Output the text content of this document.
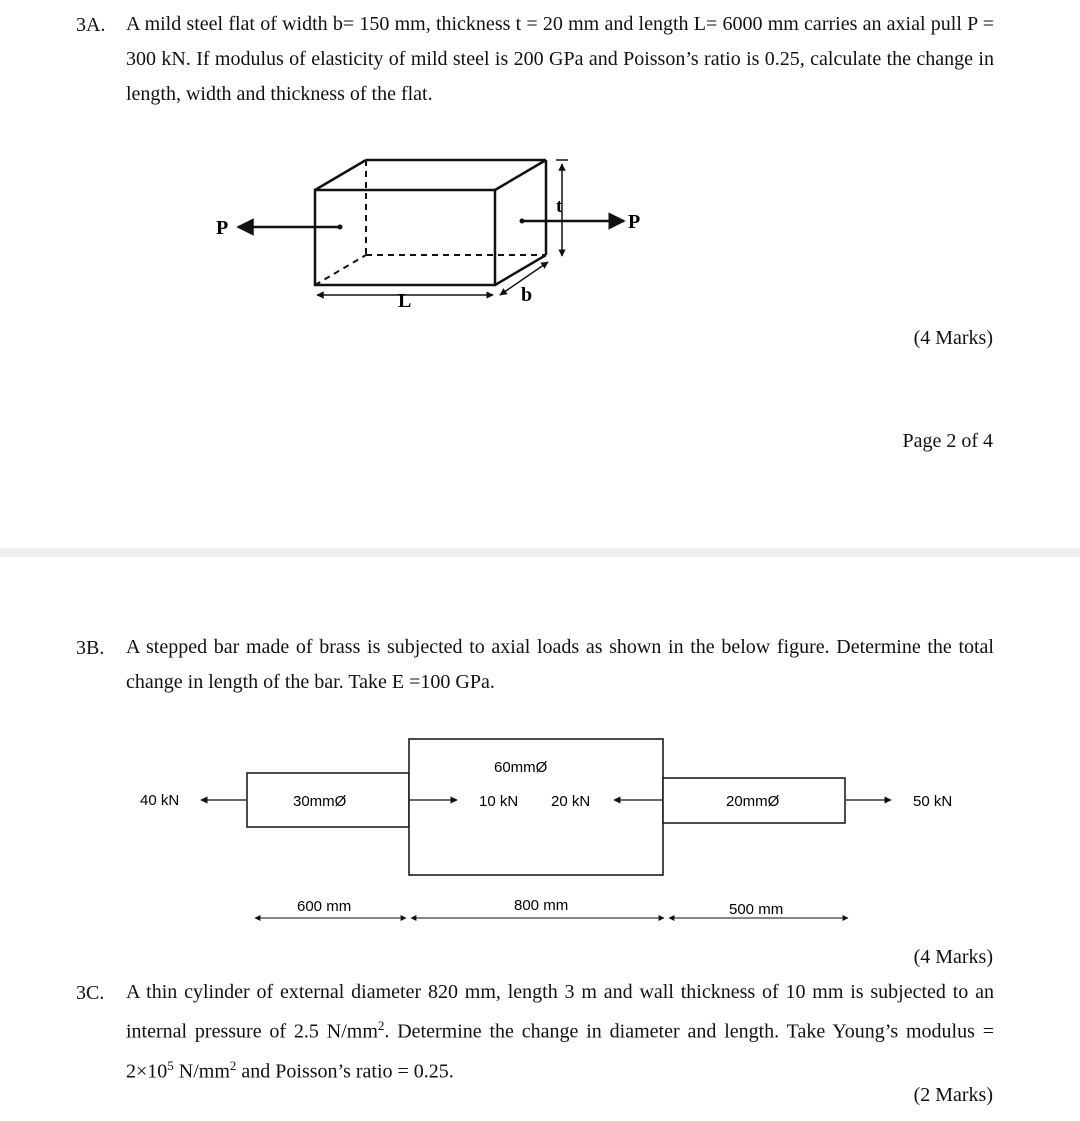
3A. A mild steel flat of width b= 150 mm, thickness t = 20 mm and length L= 6000 mm carries an axial pull P = 300 kN. If modulus of elasticity of mild steel is 200 GPa and Poisson’s ratio is 0.25, calculate the change in length, width and thickness of the flat.
P	P
t
L	b
(4 Marks)
Page 2 of 4
3B. A stepped bar made of brass is subjected to axial loads as shown in the below figure. Determine the total change in length of the bar. Take E =100 GPa.
60mmØ
30mmØ	20mmØ
40 kN	10 kN 20 kN	50 kN
600 mm	800 mm	500 mm
(4 Marks)
3C. A thin cylinder of external diameter 820 mm, length 3 m and wall thickness of 10 mm is subjected to an internal pressure of 2.5 $N/mm^2$. Determine the change in diameter and length. Take Young’s modulus = $2\times 10^5$ $N/mm^2$ and Poisson’s ratio = 0.25.
(2 Marks)
